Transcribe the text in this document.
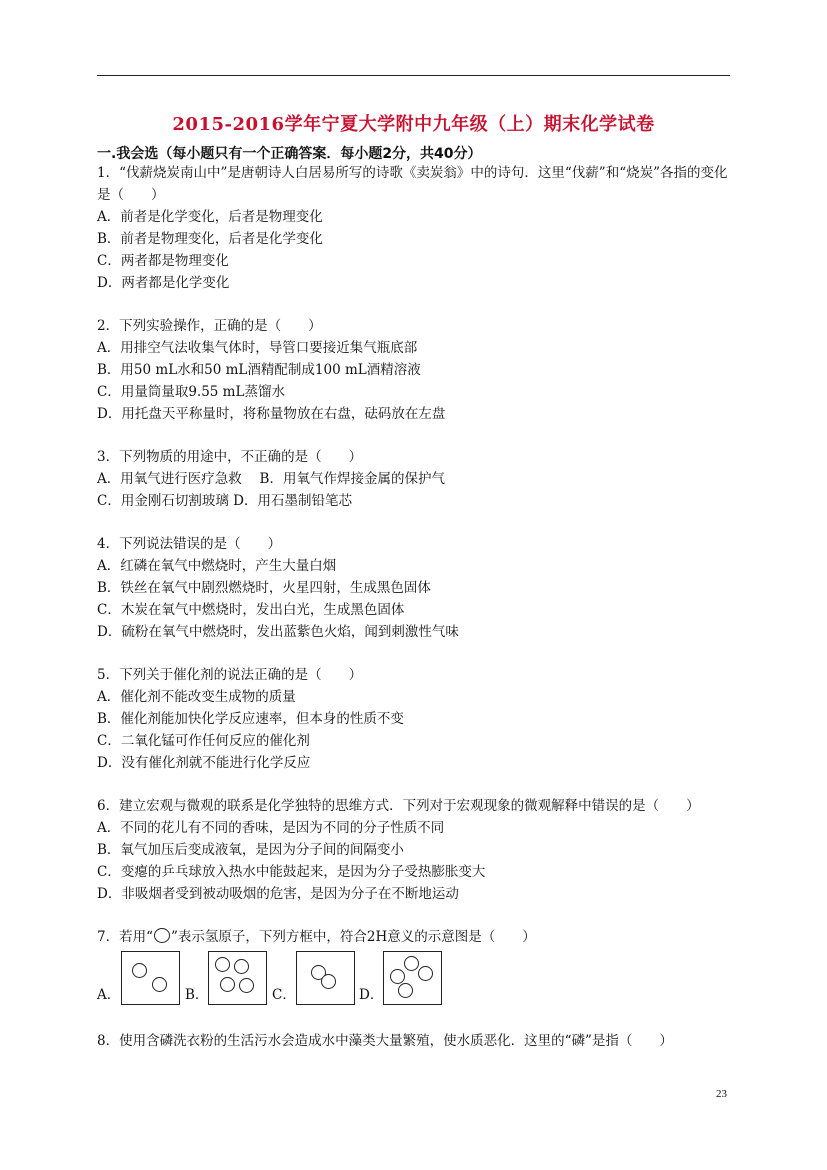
2015-2016学年宁夏大学附中九年级（上）期末化学试卷
一.我会选（每小题只有一个正确答案．每小题2分，共40分）
1．“伐薪烧炭南山中”是唐朝诗人白居易所写的诗歌《卖炭翁》中的诗句．这里“伐薪”和“烧炭”各指的变化是（　　）
A．前者是化学变化，后者是物理变化
B．前者是物理变化，后者是化学变化
C．两者都是物理变化
D．两者都是化学变化
2．下列实验操作，正确的是（　　）
A．用排空气法收集气体时，导管口要接近集气瓶底部
B．用50 mL水和50 mL酒精配制成100 mL酒精溶液
C．用量筒量取9.55 mL蒸馏水
D．用托盘天平称量时，将称量物放在右盘，砝码放在左盘
3．下列物质的用途中，不正确的是（　　）
A．用氧气进行医疗急救　 B．用氧气作焊接金属的保护气
C．用金刚石切割玻璃 D．用石墨制铅笔芯
4．下列说法错误的是（　　）
A．红磷在氧气中燃烧时，产生大量白烟
B．铁丝在氧气中剧烈燃烧时，火星四射，生成黑色固体
C．木炭在氧气中燃烧时，发出白光，生成黑色固体
D．硫粉在氧气中燃烧时，发出蓝紫色火焰，闻到刺激性气味
5．下列关于催化剂的说法正确的是（　　）
A．催化剂不能改变生成物的质量
B．催化剂能加快化学反应速率，但本身的性质不变
C．二氧化锰可作任何反应的催化剂
D．没有催化剂就不能进行化学反应
6．建立宏观与微观的联系是化学独特的思维方式．下列对于宏观现象的微观解释中错误的是（　　）
A．不同的花儿有不同的香味，是因为不同的分子性质不同
B．氧气加压后变成液氧，是因为分子间的间隔变小
C．变瘪的乒乓球放入热水中能鼓起来，是因为分子受热膨胀变大
D．非吸烟者受到被动吸烟的危害，是因为分子在不断地运动
7．若用“ ”表示氢原子，下列方框中，符合2H意义的示意图是（　　）
A．	B．	C．	D．
8．使用含磷洗衣粉的生活污水会造成水中藻类大量繁殖，使水质恶化．这里的“磷”是指（　　）
23
